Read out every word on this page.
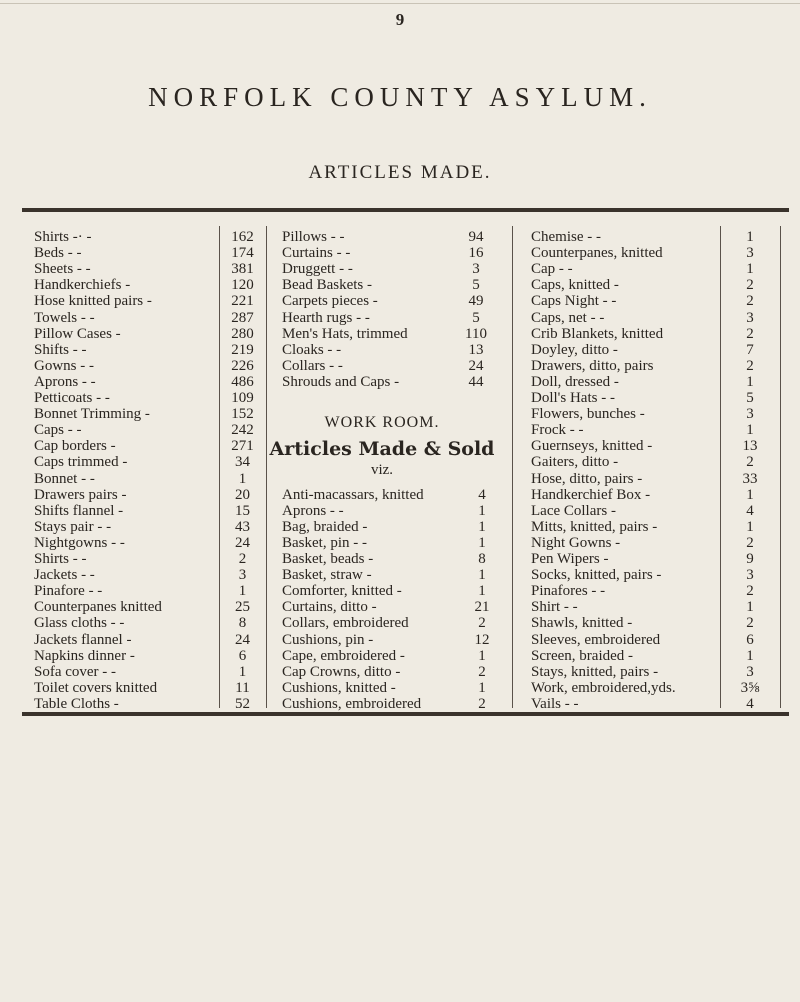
9
NORFOLK COUNTY ASYLUM.
ARTICLES MADE.
WORK ROOM.
Articles Made & Sold
viz.
Shirts -· -	162
Beds - -	174
Sheets - -	381
Handkerchiefs -	120
Hose knitted pairs -	221
Towels - -	287
Pillow Cases -	280
Shifts - -	219
Gowns - -	226
Aprons - -	486
Petticoats - -	109
Bonnet Trimming -	152
Caps - -	242
Cap borders -	271
Caps trimmed -	34
Bonnet - -	1
Drawers pairs -	20
Shifts flannel -	15
Stays pair - -	43
Nightgowns - -	24
Shirts - -	2
Jackets - -	3
Pinafore - -	1
Counterpanes knitted	25
Glass cloths - -	8
Jackets flannel -	24
Napkins dinner -	6
Sofa cover - -	1
Toilet covers knitted	11
Table Cloths -	52
Pillows - -	94
Curtains - -	16
Druggett - -	3
Bead Baskets -	5
Carpets pieces -	49
Hearth rugs - -	5
Men's Hats, trimmed	110
Cloaks - -	13
Collars - -	24
Shrouds and Caps -	44
Anti-macassars, knitted	4
Aprons - -	1
Bag, braided -	1
Basket, pin - -	1
Basket, beads -	8
Basket, straw -	1
Comforter, knitted -	1
Curtains, ditto -	21
Collars, embroidered	2
Cushions, pin -	12
Cape, embroidered -	1
Cap Crowns, ditto -	2
Cushions, knitted -	1
Cushions, embroidered	2
Chemise - -	1
Counterpanes, knitted	3
Cap - -	1
Caps, knitted -	2
Caps Night - -	2
Caps, net - -	3
Crib Blankets, knitted	2
Doyley, ditto -	7
Drawers, ditto, pairs	2
Doll, dressed -	1
Doll's Hats - -	5
Flowers, bunches -	3
Frock - -	1
Guernseys, knitted -	13
Gaiters, ditto -	2
Hose, ditto, pairs -	33
Handkerchief Box -	1
Lace Collars -	4
Mitts, knitted, pairs -	1
Night Gowns -	2
Pen Wipers -	9
Socks, knitted, pairs -	3
Pinafores - -	2
Shirt - -	1
Shawls, knitted -	2
Sleeves, embroidered	6
Screen, braided -	1
Stays, knitted, pairs -	3
Work, embroidered,yds.	3⅝
Vails - -	4
